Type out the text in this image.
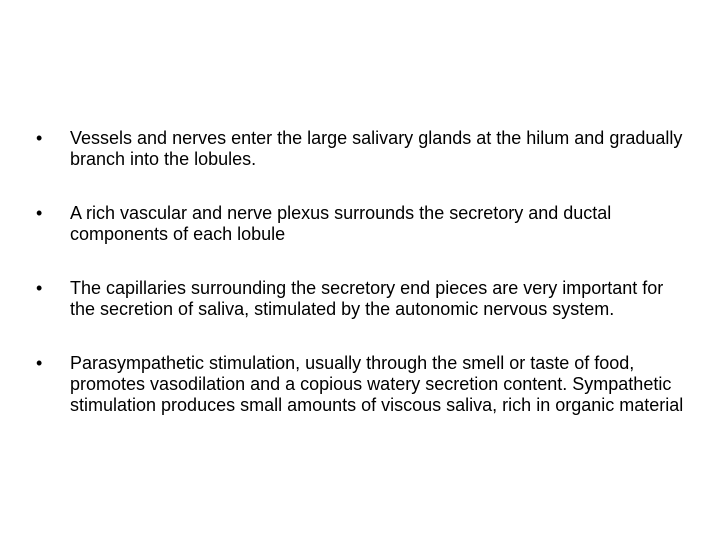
•	Vessels and nerves enter the large salivary glands at the hilum and gradually branch into the lobules.
•	A rich vascular and nerve plexus surrounds the secretory and ductal components of each lobule
•	The capillaries surrounding the secretory end pieces are very important for the secretion of saliva, stimulated by the autonomic nervous system.
•	Parasympathetic stimulation, usually through the smell or taste of food, promotes vasodilation and a copious watery secretion content. Sympathetic stimulation produces small amounts of viscous saliva, rich in organic material
